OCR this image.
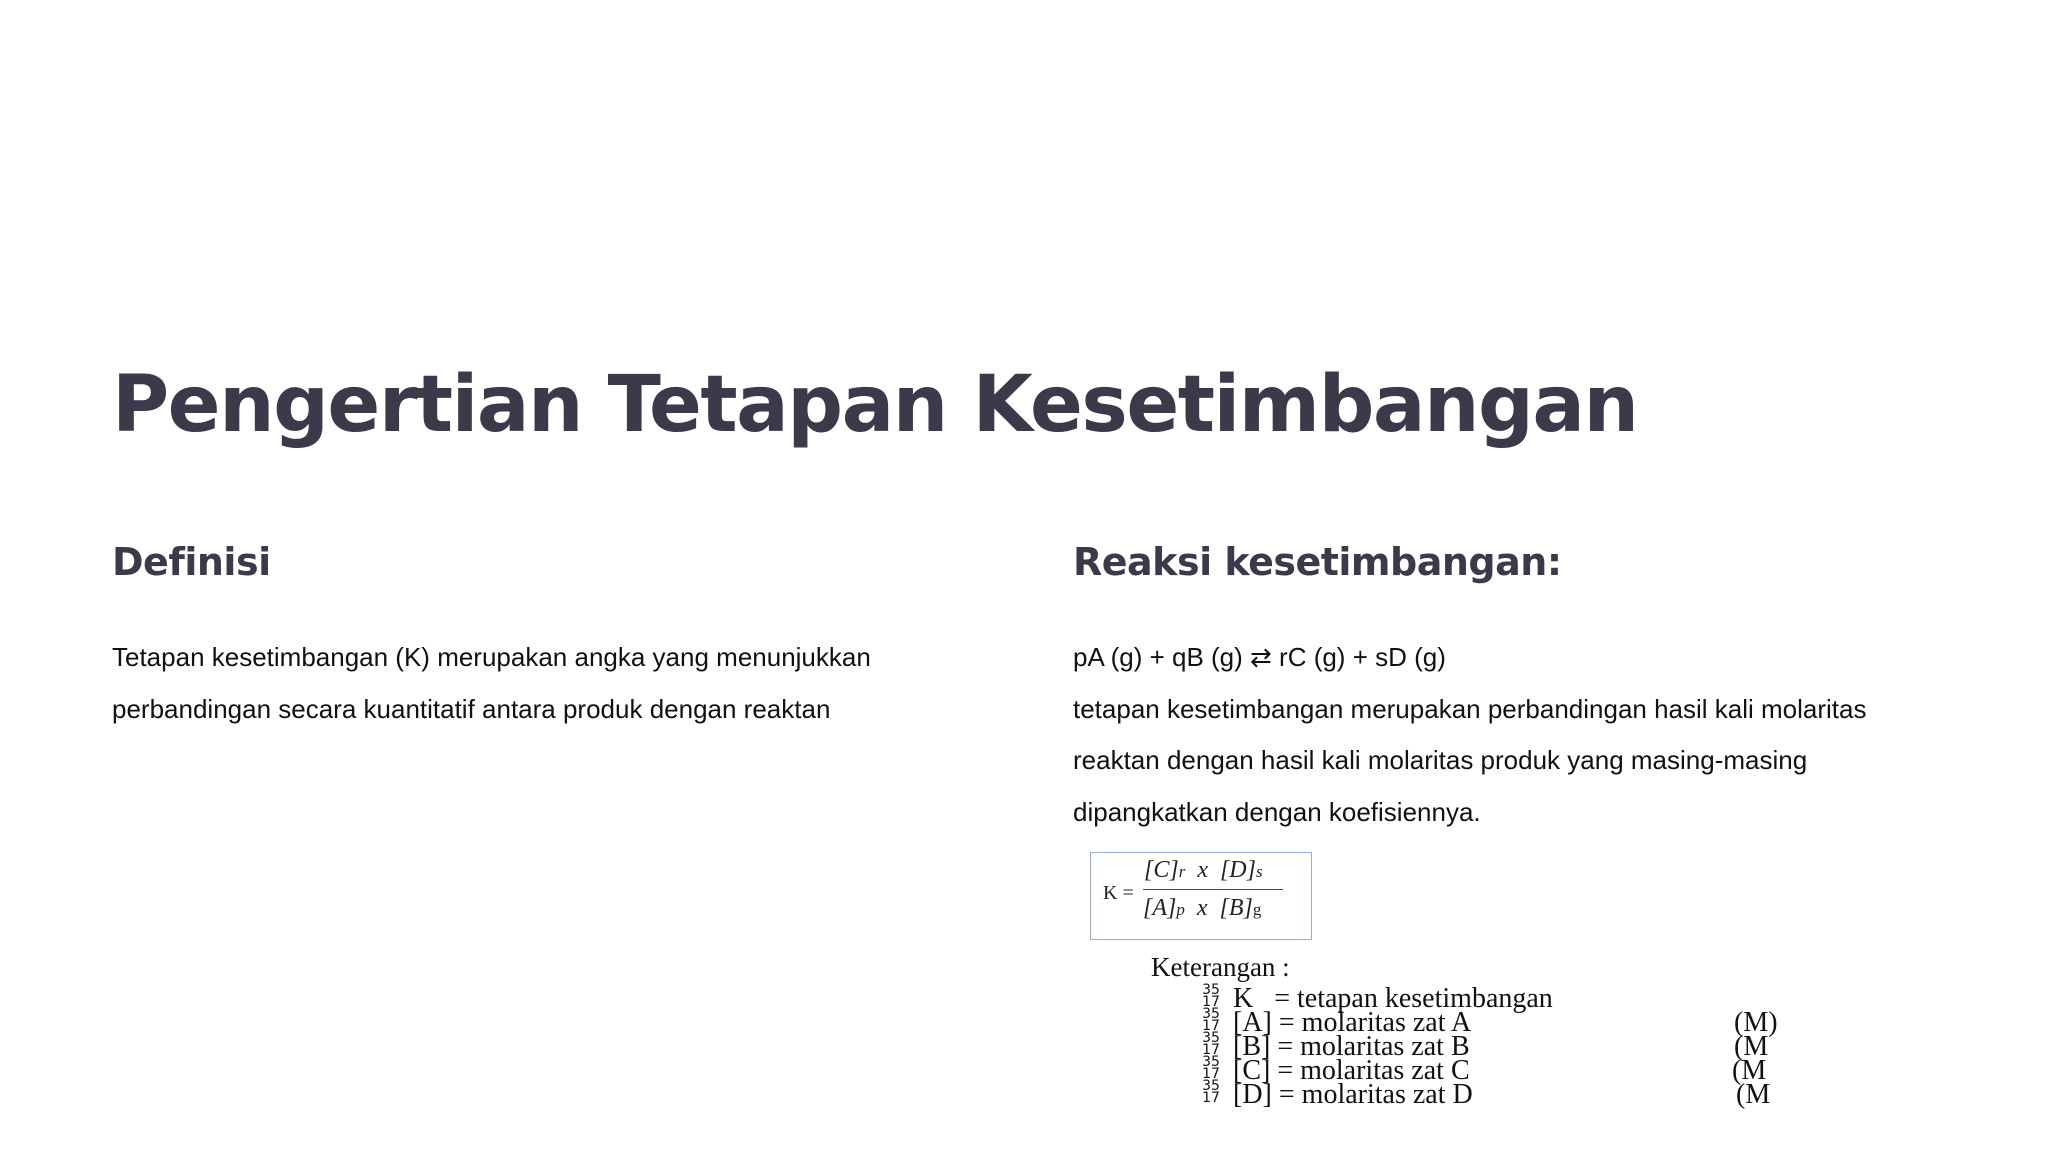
Pengertian Tetapan Kesetimbangan
Definisi
Tetapan kesetimbangan (K) merupakan angka yang menunjukkan
perbandingan secara kuantitatif antara produk dengan reaktan
Reaksi kesetimbangan:
pA (g) + qB (g) ⇄ rC (g) + sD (g)
tetapan kesetimbangan merupakan perbandingan hasil kali molaritas
reaktan dengan hasil kali molaritas produk yang masing-masing
dipangkatkan dengan koefisiennya.
K =
[C]r x [D]s
[A]p x [B]g
Keterangan :
35
17 K   = tetapan kesetimbangan
35
17 [A] = molaritas zat A	(M)
35
17 [B] = molaritas zat B	(M
35
17 [C] = molaritas zat C	(M
35
17 [D] = molaritas zat D	(M
